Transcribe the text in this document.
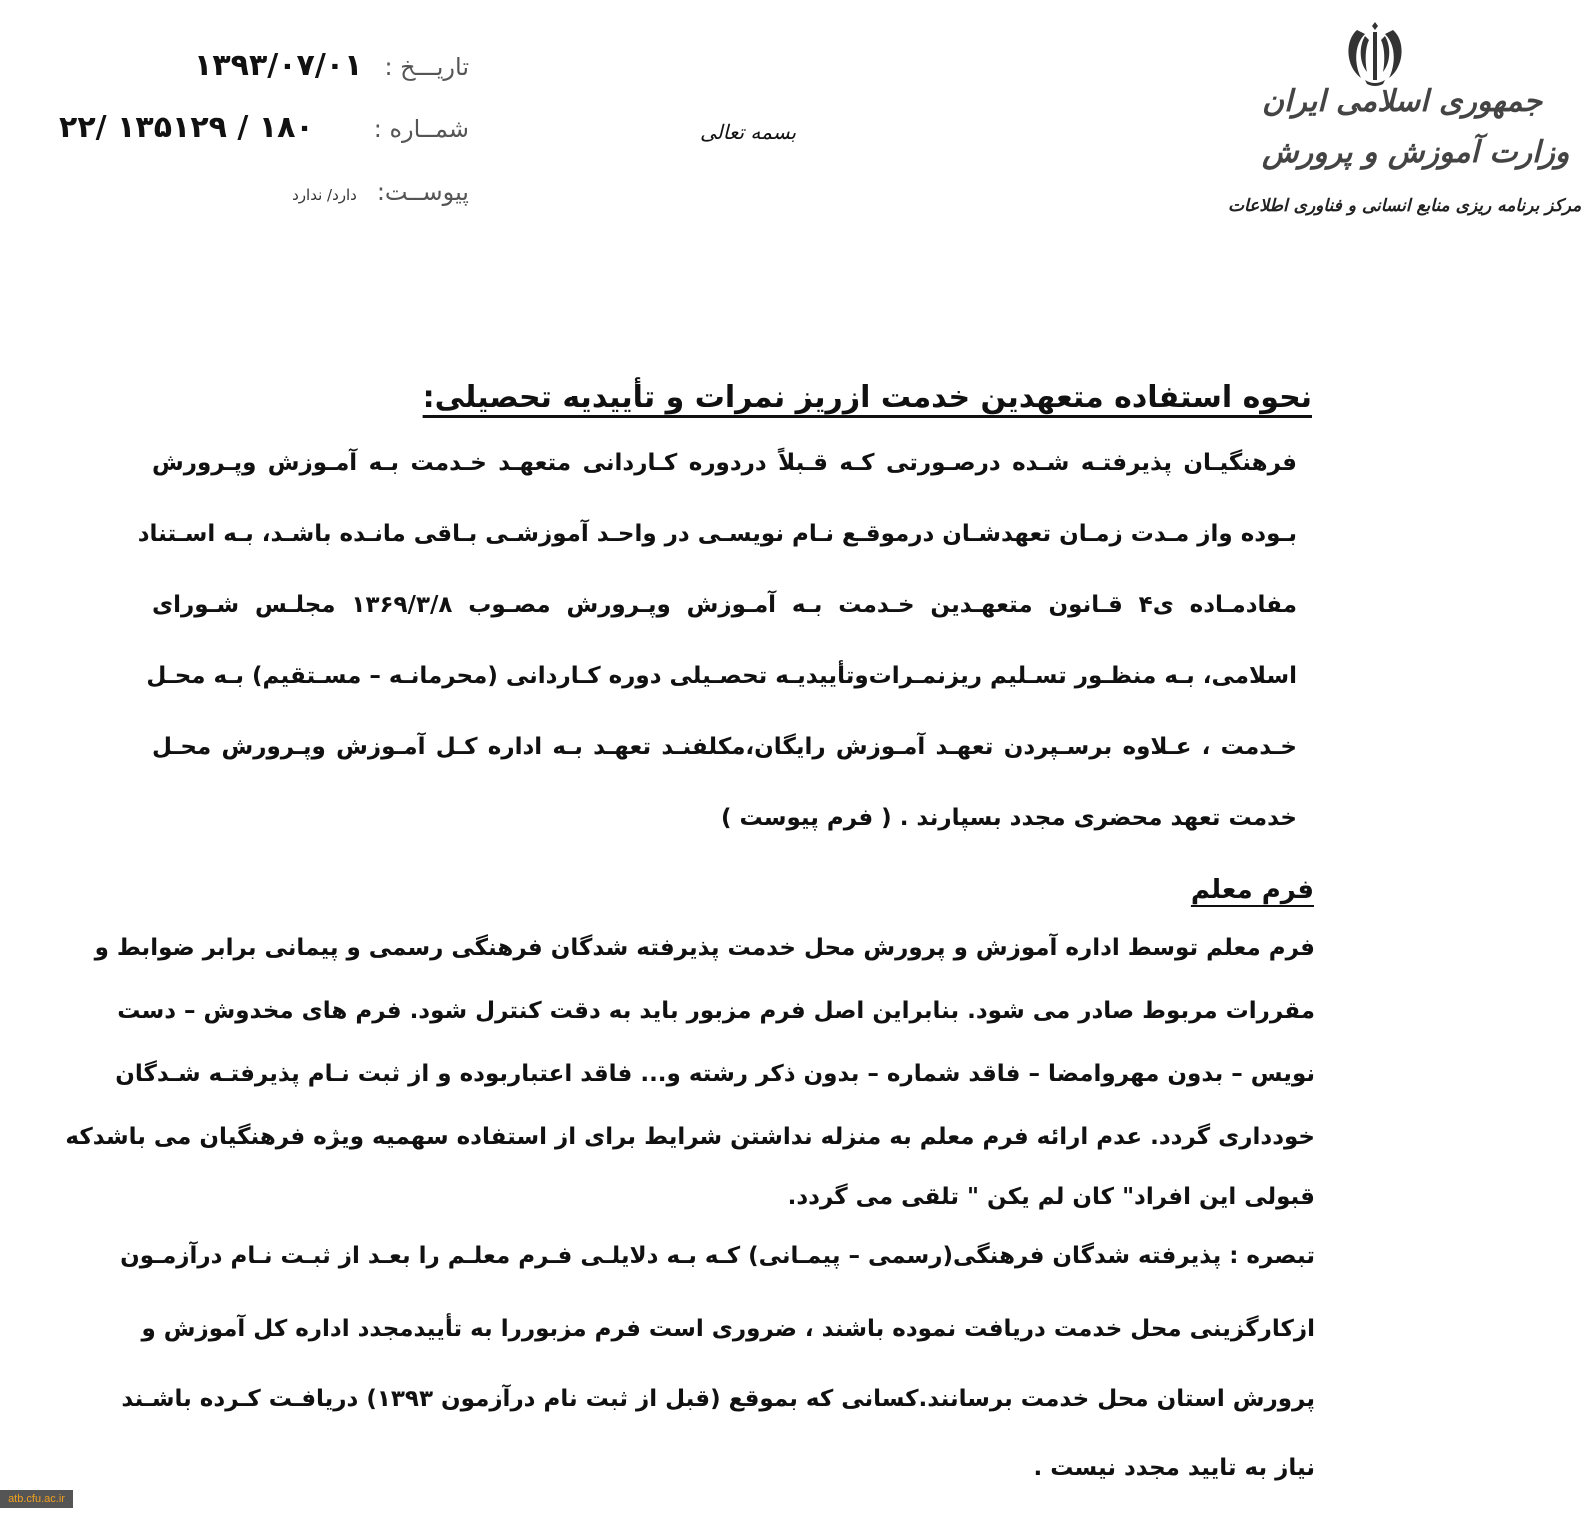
جمهوری اسلامی ایران
وزارت آموزش و پرورش
مرکز برنامه ریزی منابع انسانی و فناوری اطلاعات
بسمه تعالی
تاریـــخ :
۱۳۹۳/۰۷/۰۱
شمــاره :
۱۸۰ / ۱۳۵۱۲۹ /۲۲
پیوســت:
دارد/ ندارد
نحوه استفاده متعهدین خدمت ازریز نمرات و تأییدیه تحصیلی:
فرهنگیـان پذیرفتـه شـده درصـورتی کـه قـبلاً دردوره کـاردانی متعهـد خـدمت بـه آمـوزش وپـرورش
بـوده واز مـدت زمـان تعهدشـان درموقـع نـام نویسـی در واحـد آموزشـی بـاقی مانـده باشـد، بـه اسـتناد
مفادمـاده ی۴ قـانون متعهـدین خـدمت بـه آمـوزش وپـرورش مصـوب ۱۳۶۹/۳/۸ مجلـس شـورای
اسلامی، بـه منظـور تسـلیم ریزنمـرات‌وتأییدیـه تحصـیلی دوره کـاردانی (محرمانـه – مسـتقیم) بـه محـل
خـدمت ، عـلاوه برسـپردن تعهـد آمـوزش رایگان،مکلفنـد تعهـد بـه اداره کـل آمـوزش وپـرورش محـل
خدمت تعهد محضری مجدد بسپارند . ( فرم پیوست )
فرم معلم
فرم معلم توسط اداره آموزش و پرورش محل خدمت پذیرفته شدگان فرهنگی رسمی و پیمانی برابر ضوابط و
مقررات مربوط صادر می شود. بنابراین اصل فرم مزبور باید به دقت کنترل شود. فرم های مخدوش – دست
نویس – بدون مهروامضا – فاقد شماره – بدون ذکر رشته و... فاقد اعتباربوده و از ثبت نـام پذیرفتـه شـدگان
خودداری گردد. عدم ارائه فرم معلم به منزله نداشتن شرایط برای از استفاده سهمیه ویژه فرهنگیان می باشدکه
قبولی این افراد" کان لم یکن " تلقی می گردد.
تبصره : پذیرفته شدگان فرهنگی(رسمی – پیمـانی) کـه بـه دلایلـی فـرم معلـم را بعـد از ثبـت نـام درآزمـون
ازکارگزینی محل خدمت دریافت نموده باشند ، ضروری است فرم مزبوررا به تأییدمجدد اداره کل آموزش و
پرورش استان محل خدمت برسانند.کسانی که بموقع (قبل از ثبت نام درآزمون ۱۳۹۳) دریافـت کـرده باشـند
نیاز به تایید مجدد نیست .
atb.cfu.ac.ir
